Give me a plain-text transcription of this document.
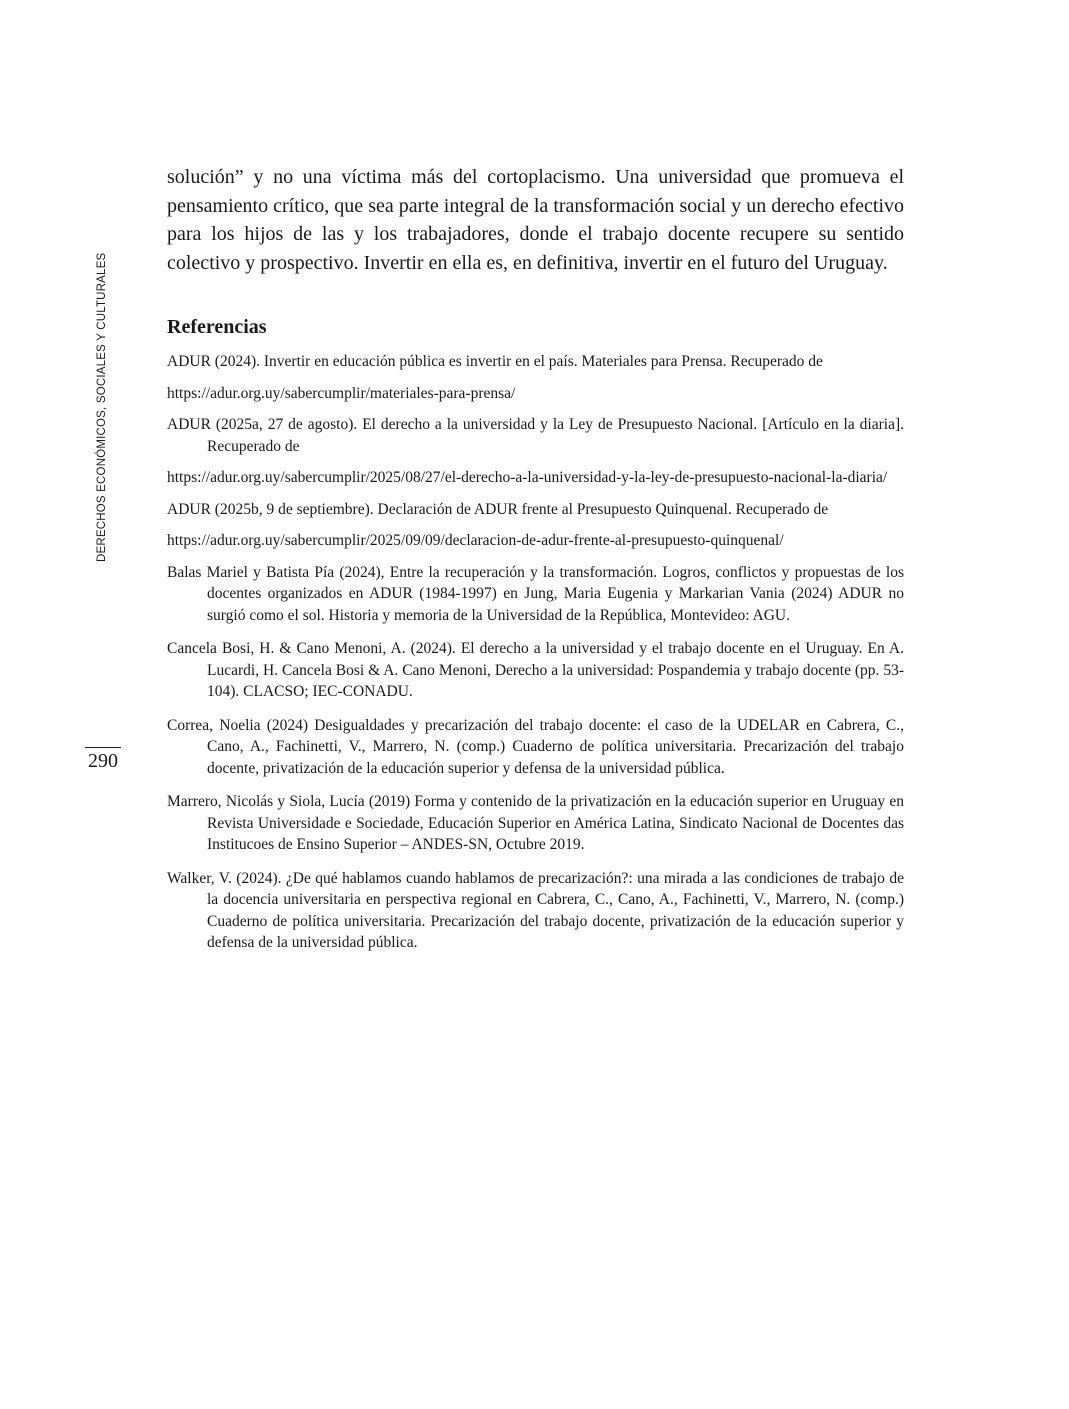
DERECHOS ECONÓMICOS, SOCIALES Y CULTURALES
290

solución” y no una víctima más del cortoplacismo. Una universidad que promueva el pensamiento crítico, que sea parte integral de la transformación social y un derecho efectivo para los hijos de las y los trabajadores, donde el trabajo docente recupere su sentido colectivo y prospectivo. Invertir en ella es, en definitiva, invertir en el futuro del Uruguay.

Referencias

ADUR (2024). Invertir en educación pública es invertir en el país. Materiales para Prensa. Recuperado de

https://adur.org.uy/sabercumplir/materiales-para-prensa/

ADUR (2025a, 27 de agosto). El derecho a la universidad y la Ley de Presupuesto Nacional. [Artículo en la diaria]. Recuperado de

https://adur.org.uy/sabercumplir/2025/08/27/el-derecho-a-la-universidad-y-la-ley-de-presupuesto-nacional-la-diaria/

ADUR (2025b, 9 de septiembre). Declaración de ADUR frente al Presupuesto Quinquenal. Recuperado de

https://adur.org.uy/sabercumplir/2025/09/09/declaracion-de-adur-frente-al-presupuesto-quinquenal/

Balas Mariel y Batista Pía (2024), Entre la recuperación y la transformación. Logros, conflictos y propuestas de los docentes organizados en ADUR (1984-1997) en Jung, Maria Eugenia y Markarian Vania (2024) ADUR no surgió como el sol. Historia y memoria de la Universidad de la República, Montevideo: AGU.

Cancela Bosi, H. & Cano Menoni, A. (2024). El derecho a la universidad y el trabajo docente en el Uruguay. En A. Lucardi, H. Cancela Bosi & A. Cano Menoni, Derecho a la universidad: Pospandemia y trabajo docente (pp. 53-104). CLACSO; IEC-CONADU.

Correa, Noelia (2024) Desigualdades y precarización del trabajo docente: el caso de la UDELAR en Cabrera, C., Cano, A., Fachinetti, V., Marrero, N. (comp.) Cuaderno de política universitaria. Precarización del trabajo docente, privatización de la educación superior y defensa de la universidad pública.

Marrero, Nicolás y Siola, Lucía (2019) Forma y contenido de la privatización en la educación superior en Uruguay en Revista Universidade e Sociedade, Educación Superior en América Latina, Sindicato Nacional de Docentes das Institucoes de Ensino Superior – ANDES-SN, Octubre 2019.

Walker, V. (2024). ¿De qué hablamos cuando hablamos de precarización?: una mirada a las condiciones de trabajo de la docencia universitaria en perspectiva regional en Cabrera, C., Cano, A., Fachinetti, V., Marrero, N. (comp.) Cuaderno de política universitaria. Precarización del trabajo docente, privatización de la educación superior y defensa de la universidad pública.
